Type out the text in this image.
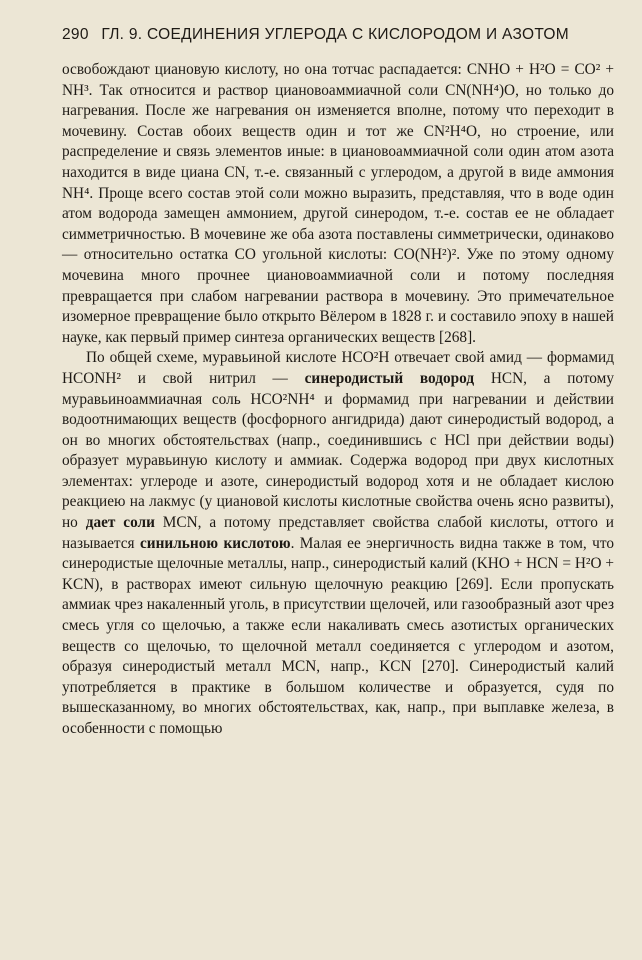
290 ГЛ. 9. СОЕДИНЕНИЯ УГЛЕРОДА С КИСЛОРОДОМ И АЗОТОМ

освобождают циановую кислоту, но она тотчас распадается: CNHO + H²O = CO² + NH³. Так относится и раствор циановоаммиачной соли CN(NH⁴)O, но только до нагревания. После же нагревания он изменяется вполне, потому что переходит в мочевину. Состав обоих веществ один и тот же CN²H⁴O, но строение, или распределение и связь элементов иные: в циановоаммиачной соли один атом азота находится в виде циана CN, т.-е. связанный с углеродом, а другой в виде аммония NH⁴. Проще всего состав этой соли можно выразить, представляя, что в воде один атом водорода замещен аммонием, другой синеродом, т.-е. состав ее не обладает симметричностью. В мочевине же оба азота поставлены симметрически, одинаково — относительно остатка CO угольной кислоты: CO(NH²)². Уже по этому одному мочевина много прочнее циановоаммиачной соли и потому последняя превращается при слабом нагревании раствора в мочевину. Это примечательное изомерное превращение было открыто Вёлером в 1828 г. и составило эпоху в нашей науке, как первый пример синтеза органических веществ [268].

По общей схеме, муравьиной кислоте HCO²H отвечает свой амид — формамид HCONH² и свой нитрил — синеродистый водород HCN, а потому муравьиноаммиачная соль HCO²NH⁴ и формамид при нагревании и действии водоотнимающих веществ (фосфорного ангидрида) дают синеродистый водород, а он во многих обстоятельствах (напр., соединившись с HCl при действии воды) образует муравьиную кислоту и аммиак. Содержа водород при двух кислотных элементах: углероде и азоте, синеродистый водород хотя и не обладает кислою реакциею на лакмус (у циановой кислоты кислотные свойства очень ясно развиты), но дает соли MCN, а потому представляет свойства слабой кислоты, оттого и называется синильною кислотою. Малая ее энергичность видна также в том, что синеродистые щелочные металлы, напр., синеродистый калий (KHO + HCN = H²O + KCN), в растворах имеют сильную щелочную реакцию [269]. Если пропускать аммиак чрез накаленный уголь, в присутствии щелочей, или газообразный азот чрез смесь угля со щелочью, а также если накаливать смесь азотистых органических веществ со щелочью, то щелочной металл соединяется с углеродом и азотом, образуя синеродистый металл MCN, напр., KCN [270]. Синеродистый калий употребляется в практике в большом количестве и образуется, судя по вышесказанному, во многих обстоятельствах, как, напр., при выплавке железа, в особенности с помощью
